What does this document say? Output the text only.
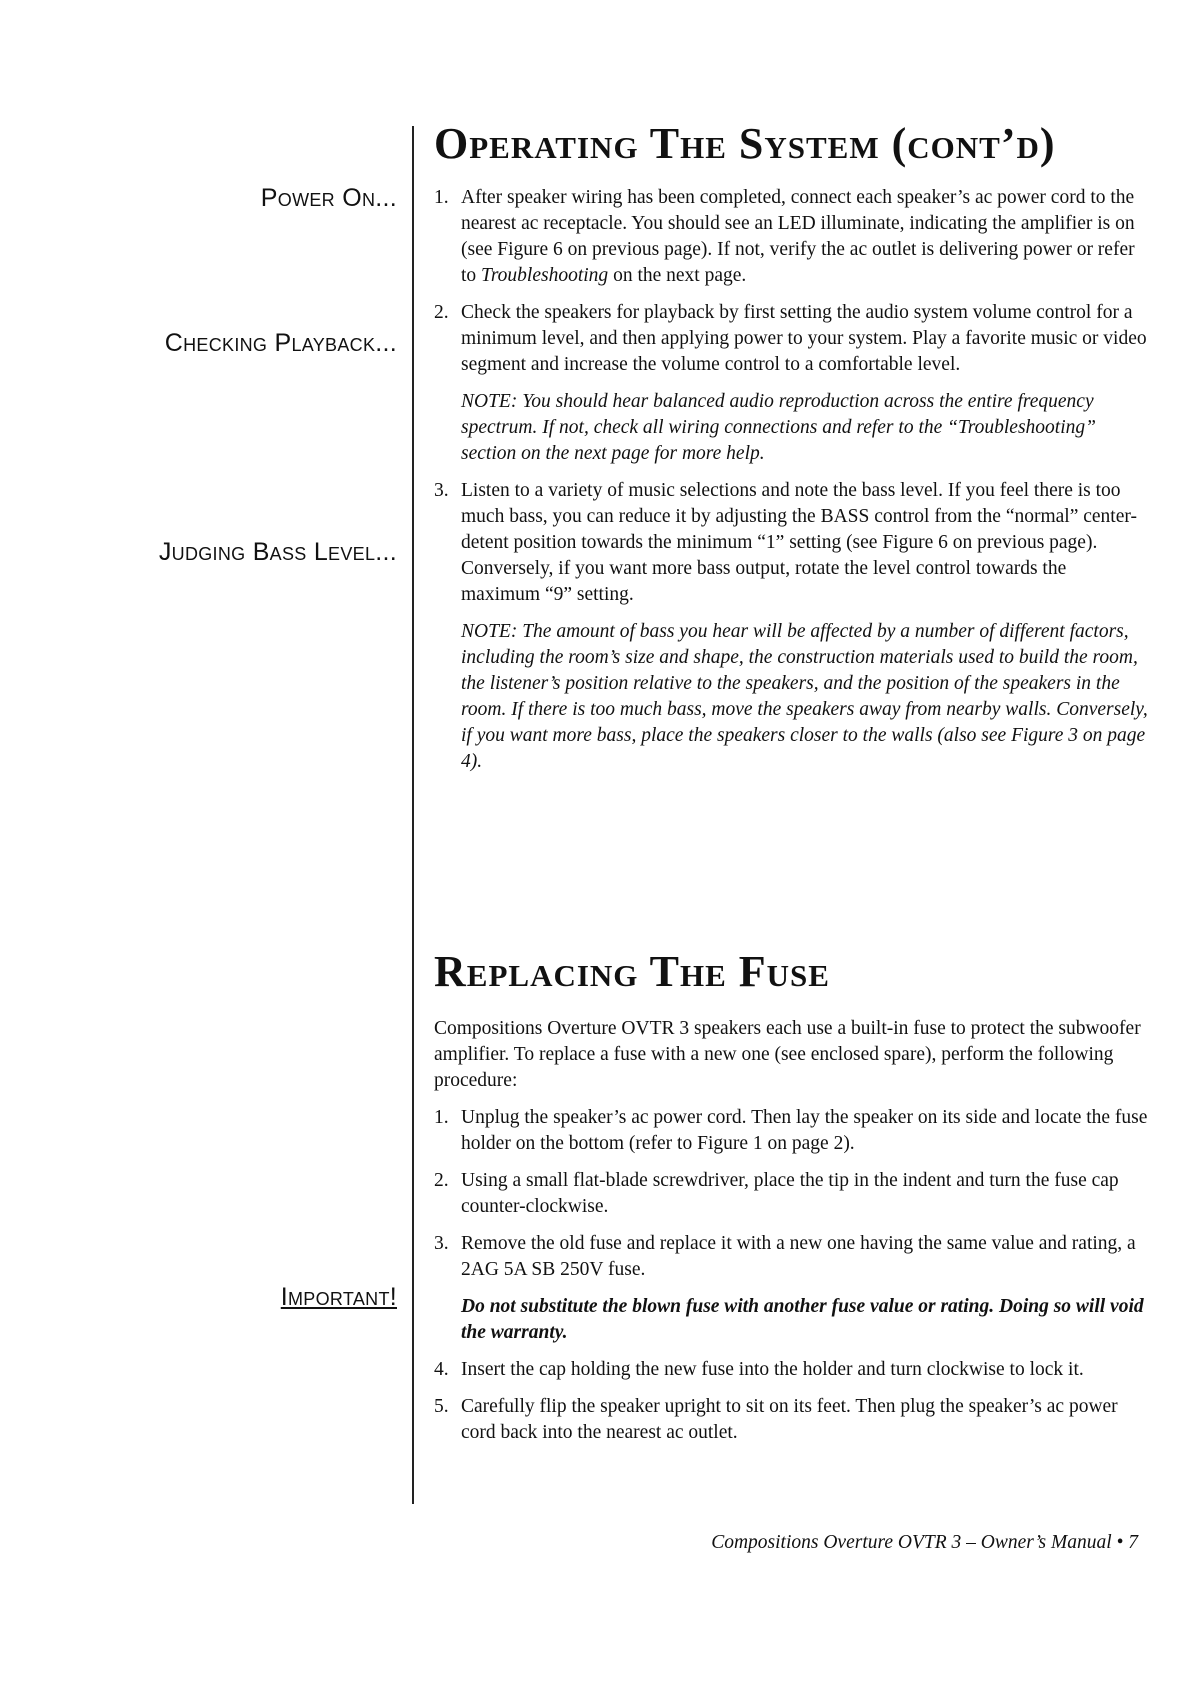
Power On...
Checking Playback...
Judging Bass Level...
Important!
Operating The System (cont’d)
1. After speaker wiring has been completed, connect each speaker’s ac power cord to the nearest ac receptacle. You should see an LED illuminate, indicating the amplifier is on (see Figure 6 on previous page). If not, verify the ac outlet is delivering power or refer to Troubleshooting on the next page.
2. Check the speakers for playback by first setting the audio system volume control for a minimum level, and then applying power to your system. Play a favorite music or video segment and increase the volume control to a comfortable level.

NOTE: You should hear balanced audio reproduction across the entire frequency spectrum. If not, check all wiring connections and refer to the “Troubleshooting” section on the next page for more help.

3. Listen to a variety of music selections and note the bass level. If you feel there is too much bass, you can reduce it by adjusting the BASS control from the “normal” center-detent position towards the minimum “1” setting (see Figure 6 on previous page). Conversely, if you want more bass output, rotate the level control towards the maximum “9” setting.

NOTE: The amount of bass you hear will be affected by a number of different factors, including the room’s size and shape, the construction materials used to build the room, the listener’s position relative to the speakers, and the position of the speakers in the room. If there is too much bass, move the speakers away from nearby walls. Conversely, if you want more bass, place the speakers closer to the walls (also see Figure 3 on page 4).

Replacing The Fuse

Compositions Overture OVTR 3 speakers each use a built-in fuse to protect the subwoofer amplifier. To replace a fuse with a new one (see enclosed spare), perform the following procedure:

1. Unplug the speaker’s ac power cord. Then lay the speaker on its side and locate the fuse holder on the bottom (refer to Figure 1 on page 2).
2. Using a small flat-blade screwdriver, place the tip in the indent and turn the fuse cap counter-clockwise.
3. Remove the old fuse and replace it with a new one having the same value and rating, a 2AG 5A SB 250V fuse.

Do not substitute the blown fuse with another fuse value or rating. Doing so will void the warranty.

4. Insert the cap holding the new fuse into the holder and turn clockwise to lock it.
5. Carefully flip the speaker upright to sit on its feet. Then plug the speaker’s ac power cord back into the nearest ac outlet.
Compositions Overture OVTR 3 – Owner’s Manual • 7
